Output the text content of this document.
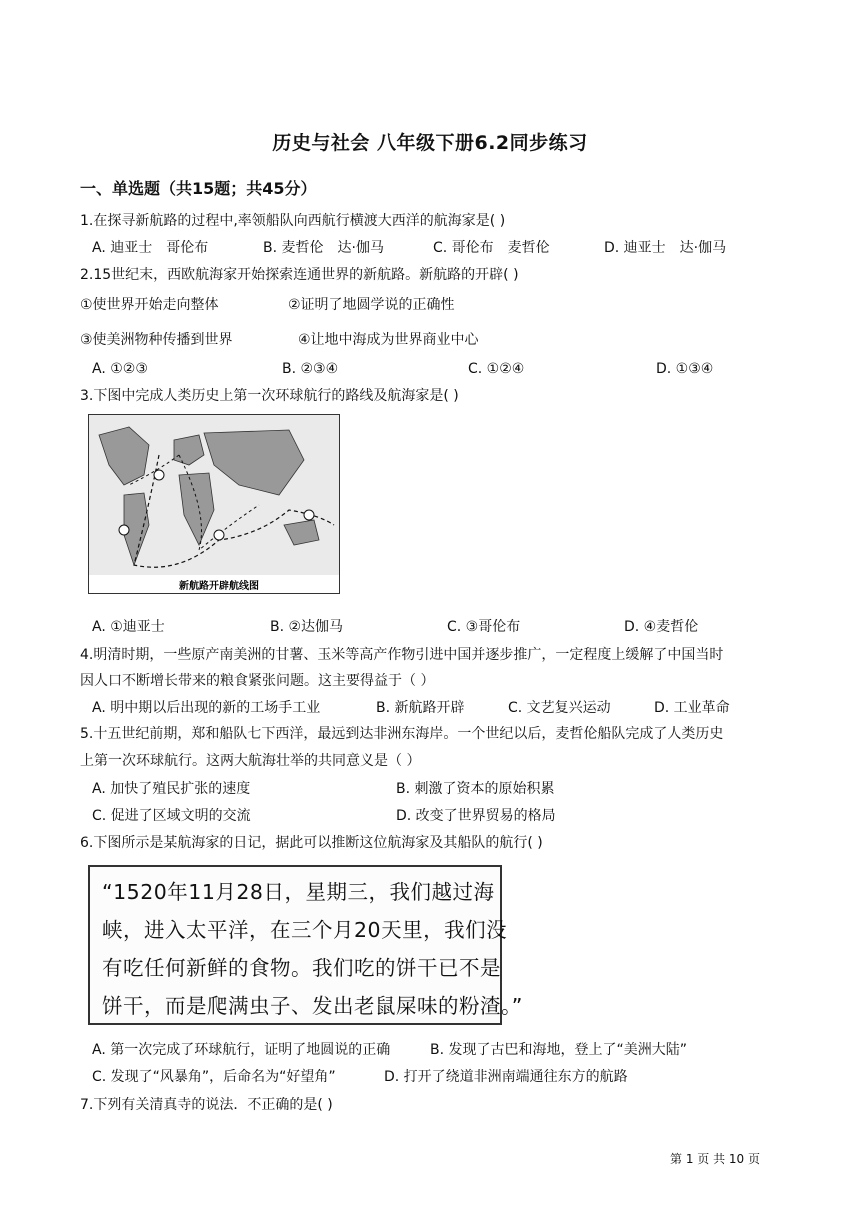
历史与社会 八年级下册6.2同步练习
一、单选题（共15题；共45分）
1.在探寻新航路的过程中,率领船队向西航行横渡大西洋的航海家是( )
A. 迪亚士　哥伦布	B. 麦哲伦　达·伽马	C. 哥伦布　麦哲伦	D. 迪亚士　达·伽马
2.15世纪末，西欧航海家开始探索连通世界的新航路。新航路的开辟( )
①使世界开始走向整体	②证明了地圆学说的正确性
③使美洲物种传播到世界	④让地中海成为世界商业中心
A. ①②③	B. ②③④	C. ①②④	D. ①③④
3.下图中完成人类历史上第一次环球航行的路线及航海家是( )
新航路开辟航线图
A. ①迪亚士	B. ②达伽马	C. ③哥伦布	D. ④麦哲伦
4.明清时期，一些原产南美洲的甘薯、玉米等高产作物引进中国并逐步推广，一定程度上缓解了中国当时
因人口不断增长带来的粮食紧张问题。这主要得益于（ ）
A. 明中期以后出现的新的工场手工业	B. 新航路开辟	C. 文艺复兴运动	D. 工业革命
5.十五世纪前期，郑和船队七下西洋，最远到达非洲东海岸。一个世纪以后，麦哲伦船队完成了人类历史
上第一次环球航行。这两大航海壮举的共同意义是（ ）
A. 加快了殖民扩张的速度	B. 刺激了资本的原始积累
C. 促进了区域文明的交流	D. 改变了世界贸易的格局
6.下图所示是某航海家的日记，据此可以推断这位航海家及其船队的航行( )
“1520年11月28日，星期三，我们越过海
峡，进入太平洋，在三个月20天里，我们没
有吃任何新鲜的食物。我们吃的饼干已不是
饼干，而是爬满虫子、发出老鼠屎味的粉渣。”
A. 第一次完成了环球航行，证明了地圆说的正确	B. 发现了古巴和海地，登上了“美洲大陆”
C. 发现了“风暴角”，后命名为“好望角”	D. 打开了绕道非洲南端通往东方的航路
7.下列有关清真寺的说法．不正确的是( )
第 1 页 共 10 页
